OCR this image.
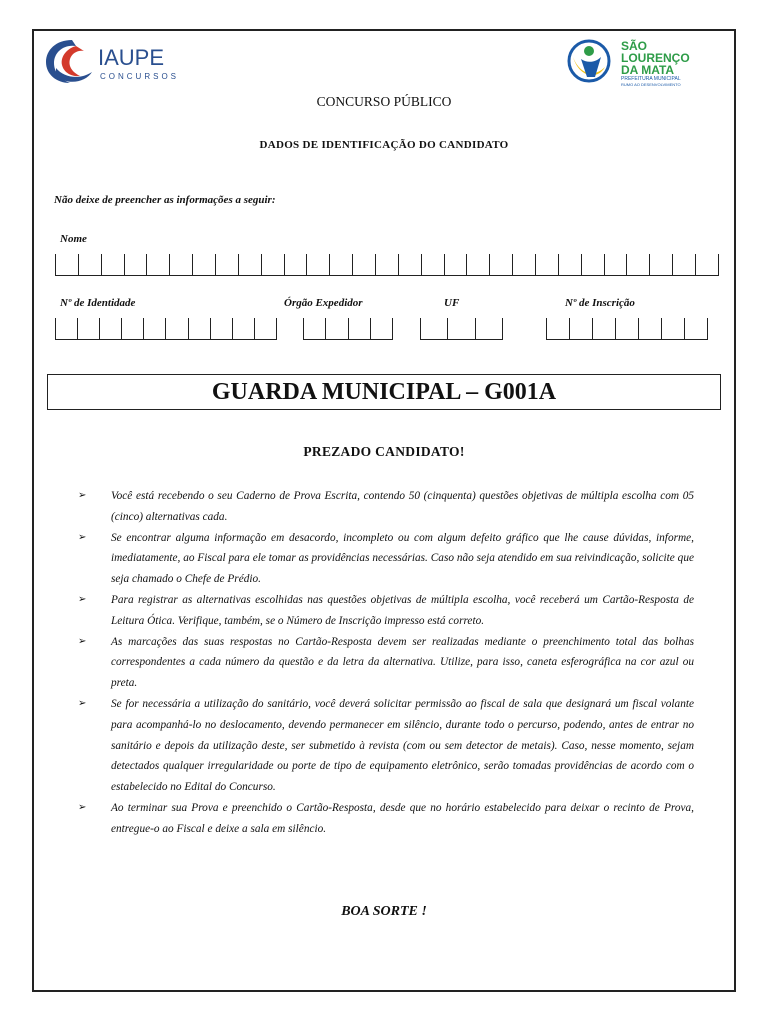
IAUPE
CONCURSOS
SÃO
LOURENÇO
DA MATA
PREFEITURA MUNICIPAL
RUMO AO DESENVOLVIMENTO
CONCURSO PÚBLICO
DADOS DE IDENTIFICAÇÃO DO CANDIDATO
Não deixe de preencher as informações a seguir:
Nome
Nº de Identidade	Órgão Expedidor	UF	Nº de Inscrição
GUARDA MUNICIPAL – G001A
PREZADO CANDIDATO!
➢ Você está recebendo o seu Caderno de Prova Escrita, contendo 50 (cinquenta) questões objetivas de múltipla escolha com 05 (cinco) alternativas cada.
➢ Se encontrar alguma informação em desacordo, incompleto ou com algum defeito gráfico que lhe cause dúvidas, informe, imediatamente, ao Fiscal para ele tomar as providências necessárias. Caso não seja atendido em sua reivindicação, solicite que seja chamado o Chefe de Prédio.
➢ Para registrar as alternativas escolhidas nas questões objetivas de múltipla escolha, você receberá um Cartão-Resposta de Leitura Ótica. Verifique, também, se o Número de Inscrição impresso está correto.
➢ As marcações das suas respostas no Cartão-Resposta devem ser realizadas mediante o preenchimento total das bolhas correspondentes a cada número da questão e da letra da alternativa. Utilize, para isso, caneta esferográfica na cor azul ou preta.
➢ Se for necessária a utilização do sanitário, você deverá solicitar permissão ao fiscal de sala que designará um fiscal volante para acompanhá-lo no deslocamento, devendo permanecer em silêncio, durante todo o percurso, podendo, antes de entrar no sanitário e depois da utilização deste, ser submetido à revista (com ou sem detector de metais). Caso, nesse momento, sejam detectados qualquer irregularidade ou porte de tipo de equipamento eletrônico, serão tomadas providências de acordo com o estabelecido no Edital do Concurso.
➢ Ao terminar sua Prova e preenchido o Cartão-Resposta, desde que no horário estabelecido para deixar o recinto de Prova, entregue-o ao Fiscal e deixe a sala em silêncio.
BOA SORTE !
